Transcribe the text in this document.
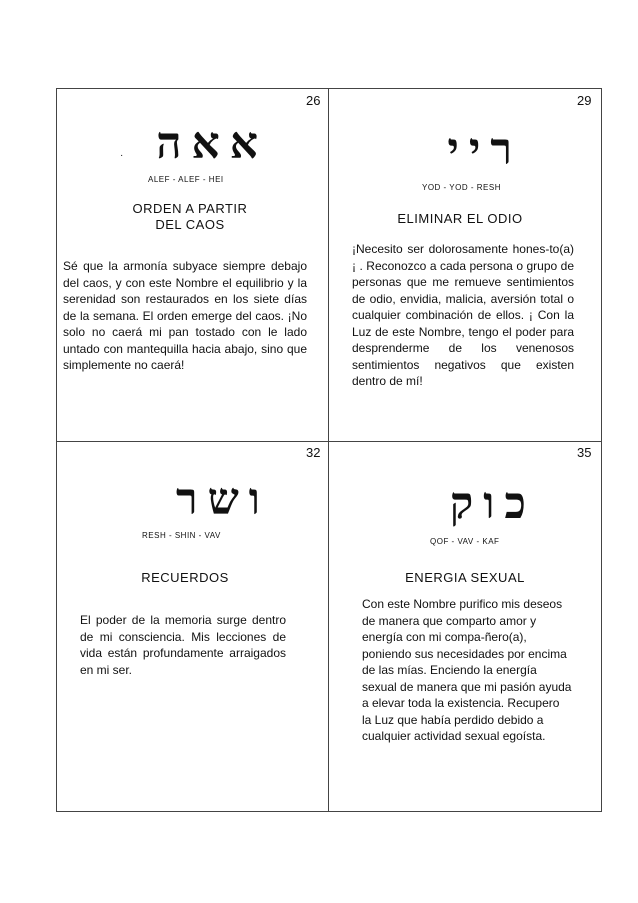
26
· אאה
ALEF - ALEF - HEI
ORDEN A PARTIR
DEL CAOS
Sé que la armonía subyace siempre debajo del caos, y con este Nombre el equilibrio y la serenidad son restaurados en los siete días de la semana. El orden emerge del caos. ¡No solo no caerá mi pan tostado con le lado untado con mantequilla hacia abajo, sino que simplemente no caerá!
29
ריי
YOD - YOD - RESH
ELIMINAR EL ODIO
¡Necesito ser dolorosamente hones-to(a) ¡ . Reconozco a cada persona o grupo de personas que me remueve sentimientos de odio, envidia, malicia, aversión total o cualquier combinación de ellos. ¡ Con la Luz de este Nombre, tengo el poder para desprenderme de los venenosos sentimientos negativos que existen dentro de mí!
32
ושר
RESH - SHIN - VAV
RECUERDOS
El poder de la memoria surge dentro de mi consciencia. Mis lecciones de vida están profundamente arraigados en mi ser.
35
כוק
QOF - VAV - KAF
ENERGIA SEXUAL
Con este Nombre purifico mis deseos de manera que comparto amor y energía con mi compa-ñero(a), poniendo sus necesidades por encima de las mías. Enciendo la energía sexual de manera que mi pasión ayuda a elevar toda la existencia. Recupero la Luz que había perdido debido a cualquier actividad sexual egoísta.
